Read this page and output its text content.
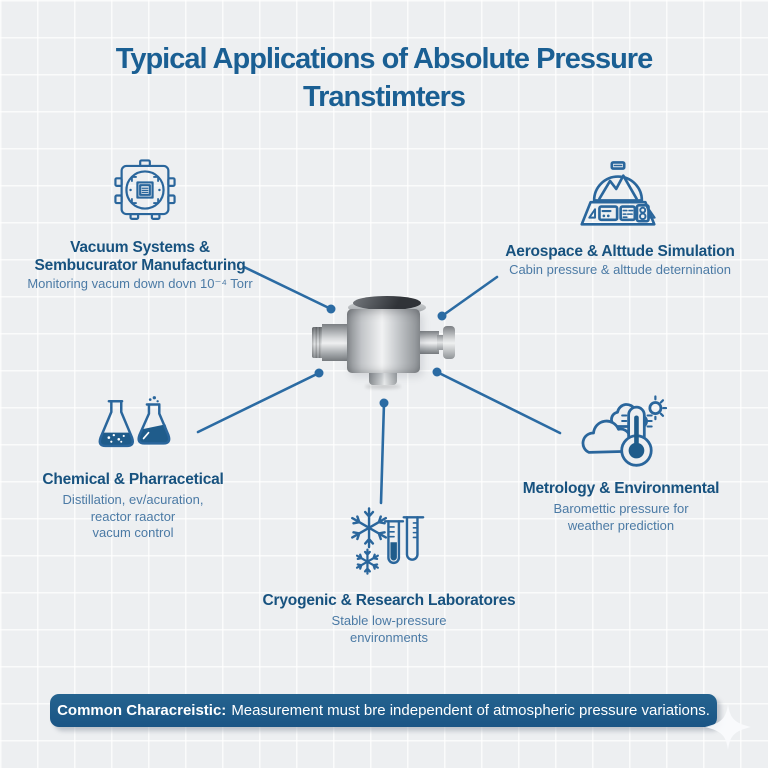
Typical Applications of Absolute Pressure
Transtimters
Vacuum Systems &
Sembucurator Manufacturing
Monitoring vacum down dovn 10⁻⁴ Torr
Aerospace & Alttude Simulation
Cabin pressure & alttude deternination
Chemical & Pharracetical
Distillation, ev/acuration,
reactor raactor
vacum control
Metrology & Environmental
Baromettic pressure for
weather prediction
Cryogenic & Research Laboratores
Stable low-pressure
environments
Common Characreistic: Measurement must bre independent of atmospheric pressure variations.
